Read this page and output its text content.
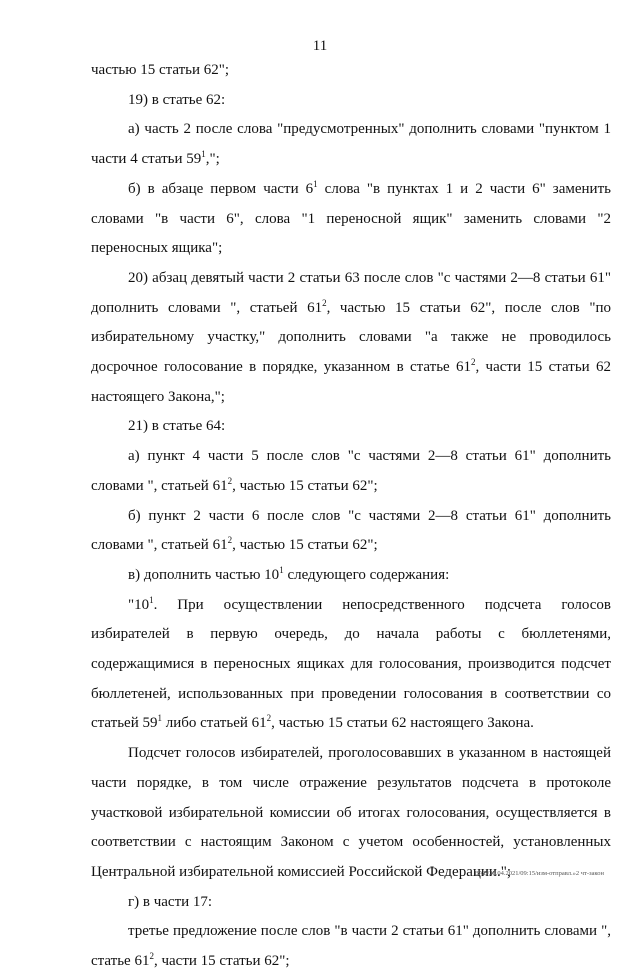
11

частью 15 статьи 62";

19) в статье 62:

а) часть 2 после слова "предусмотренных" дополнить словами "пунктом 1 части 4 статьи $59^1$,";

б) в абзаце первом части $6^1$ слова "в пунктах 1 и 2 части 6" заменить словами "в части 6", слова "1 переносной ящик" заменить словами "2 переносных ящика";

20) абзац девятый части 2 статьи 63 после слов "с частями 2—8 статьи 61" дополнить словами ", статьей $61^2$, частью 15 статьи 62", после слов "по избирательному участку," дополнить словами "а также не проводилось досрочное голосование в порядке, указанном в статье $61^2$, части 15 статьи 62 настоящего Закона,";

21) в статье 64:

а) пункт 4 части 5 после слов "с частями 2—8 статьи 61" дополнить словами ", статьей $61^2$, частью 15 статьи 62";

б) пункт 2 части 6 после слов "с частями 2—8 статьи 61" дополнить словами ", статьей $61^2$, частью 15 статьи 62";

в) дополнить частью $10^1$ следующего содержания:

"$10^1$. При осуществлении непосредственного подсчета голосов избирателей в первую очередь, до начала работы с бюллетенями, содержащимися в переносных ящиках для голосования, производится подсчет бюллетеней, использованных при проведении голосования в соответствии со статьей $59^1$ либо статьей $61^2$, частью 15 статьи 62 настоящего Закона.

Подсчет голосов избирателей, проголосовавших в указанном в настоящей части порядке, в том числе отражение результатов подсчета в протоколе участковой избирательной комиссии об итогах голосования, осуществляется в соответствии с настоящим Законом с учетом особенностей, установленных Центральной избирательной комиссией Российской Федерации.";

г) в части 17:

третье предложение после слов "в части 2 статьи 61" дополнить словами ", статье $61^2$, части 15 статьи 62";

ВАВ/28.04.2021/09:15/изм-отправл.»2 чт-закон
